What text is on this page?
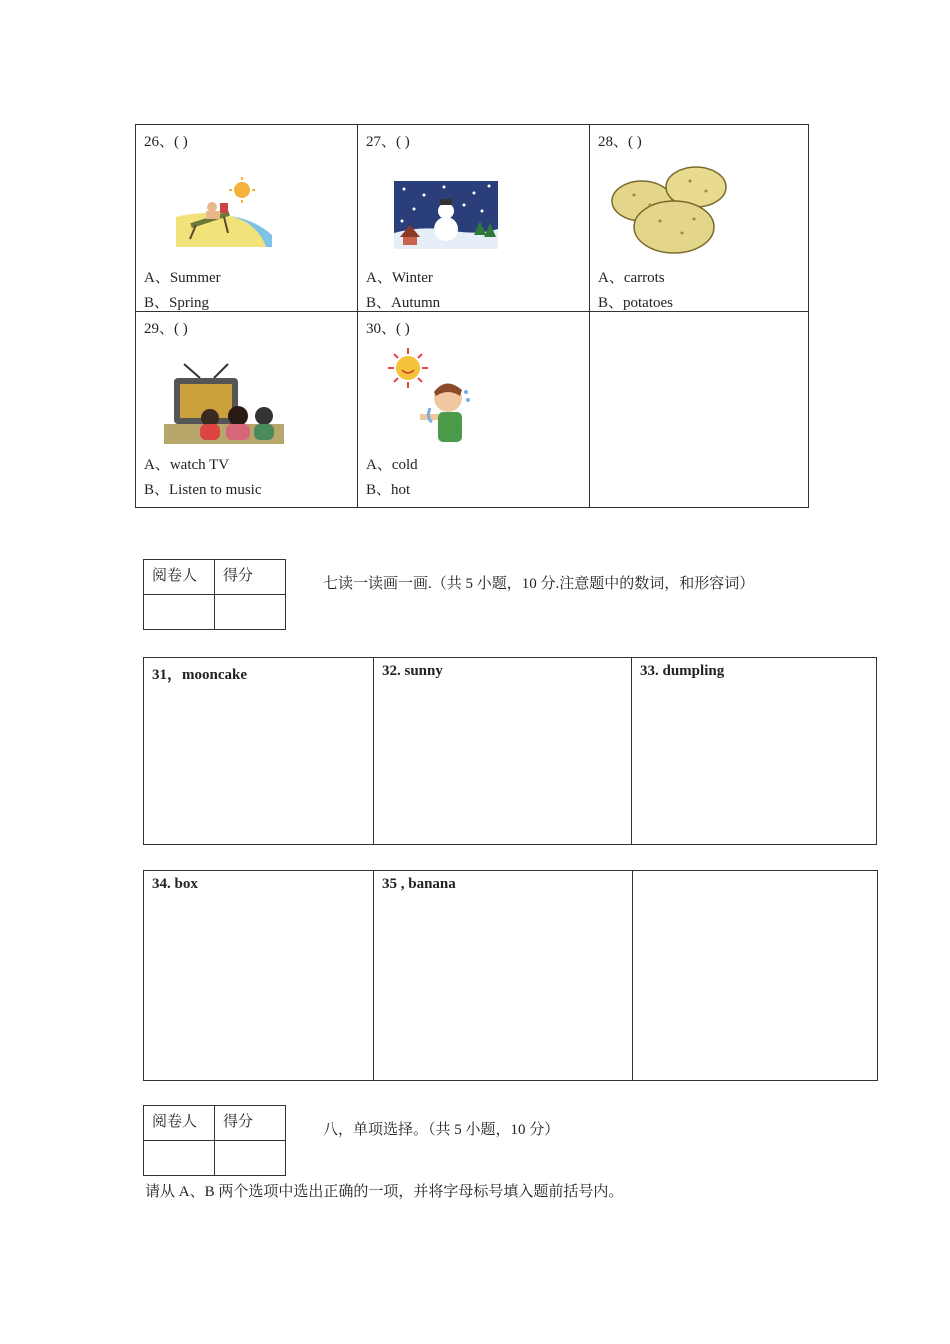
26、( )
A、Summer
B、Spring	27、( )
A、Winter
B、Autumn	28、( )
A、carrots
B、potatoes

29、( )
A、watch TV
B、Listen to music	30、( )
A、cold
B、hot	

阅卷人	得分
		七读一读画一画.（共 5 小题，10 分.注意题中的数词，和形容词）
31，mooncake	32. sunny	33. dumpling
34. box	35 , banana

阅卷人	得分
		八，单项选择。（共 5 小题，10 分）
请从 A、B 两个选项中选出正确的一项，并将字母标号填入题前括号内。
